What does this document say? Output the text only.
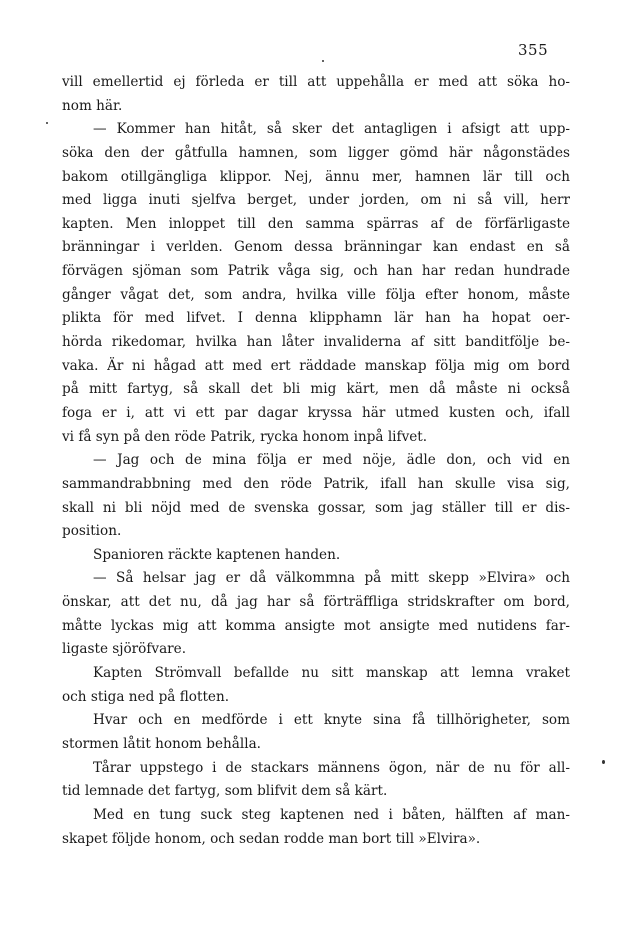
355
vill emellertid ej förleda er till att uppehålla er med att söka ho-
nom här.
— Kommer han hitåt, så sker det antagligen i afsigt att upp-
söka den der gåtfulla hamnen, som ligger gömd här någonstädes
bakom otillgängliga klippor. Nej, ännu mer, hamnen lär till och
med ligga inuti sjelfva berget, under jorden, om ni så vill, herr
kapten. Men inloppet till den samma spärras af de förfärligaste
bränningar i verlden. Genom dessa bränningar kan endast en så
förvägen sjöman som Patrik våga sig, och han har redan hundrade
gånger vågat det, som andra, hvilka ville följa efter honom, måste
plikta för med lifvet. I denna klipphamn lär han ha hopat oer-
hörda rikedomar, hvilka han låter invaliderna af sitt banditfölje be-
vaka. Är ni hågad att med ert räddade manskap följa mig om bord
på mitt fartyg, så skall det bli mig kärt, men då måste ni också
foga er i, att vi ett par dagar kryssa här utmed kusten och, ifall
vi få syn på den röde Patrik, rycka honom inpå lifvet.
— Jag och de mina följa er med nöje, ädle don, och vid en
sammandrabbning med den röde Patrik, ifall han skulle visa sig,
skall ni bli nöjd med de svenska gossar, som jag ställer till er dis-
position.
Spanioren räckte kaptenen handen.
— Så helsar jag er då välkommna på mitt skepp »Elvira» och
önskar, att det nu, då jag har så förträffliga stridskrafter om bord,
måtte lyckas mig att komma ansigte mot ansigte med nutidens far-
ligaste sjöröfvare.
Kapten Strömvall befallde nu sitt manskap att lemna vraket
och stiga ned på flotten.
Hvar och en medförde i ett knyte sina få tillhörigheter, som
stormen låtit honom behålla.
Tårar uppstego i de stackars männens ögon, när de nu för all-
tid lemnade det fartyg, som blifvit dem så kärt.
Med en tung suck steg kaptenen ned i båten, hälften af man-
skapet följde honom, och sedan rodde man bort till »Elvira».
